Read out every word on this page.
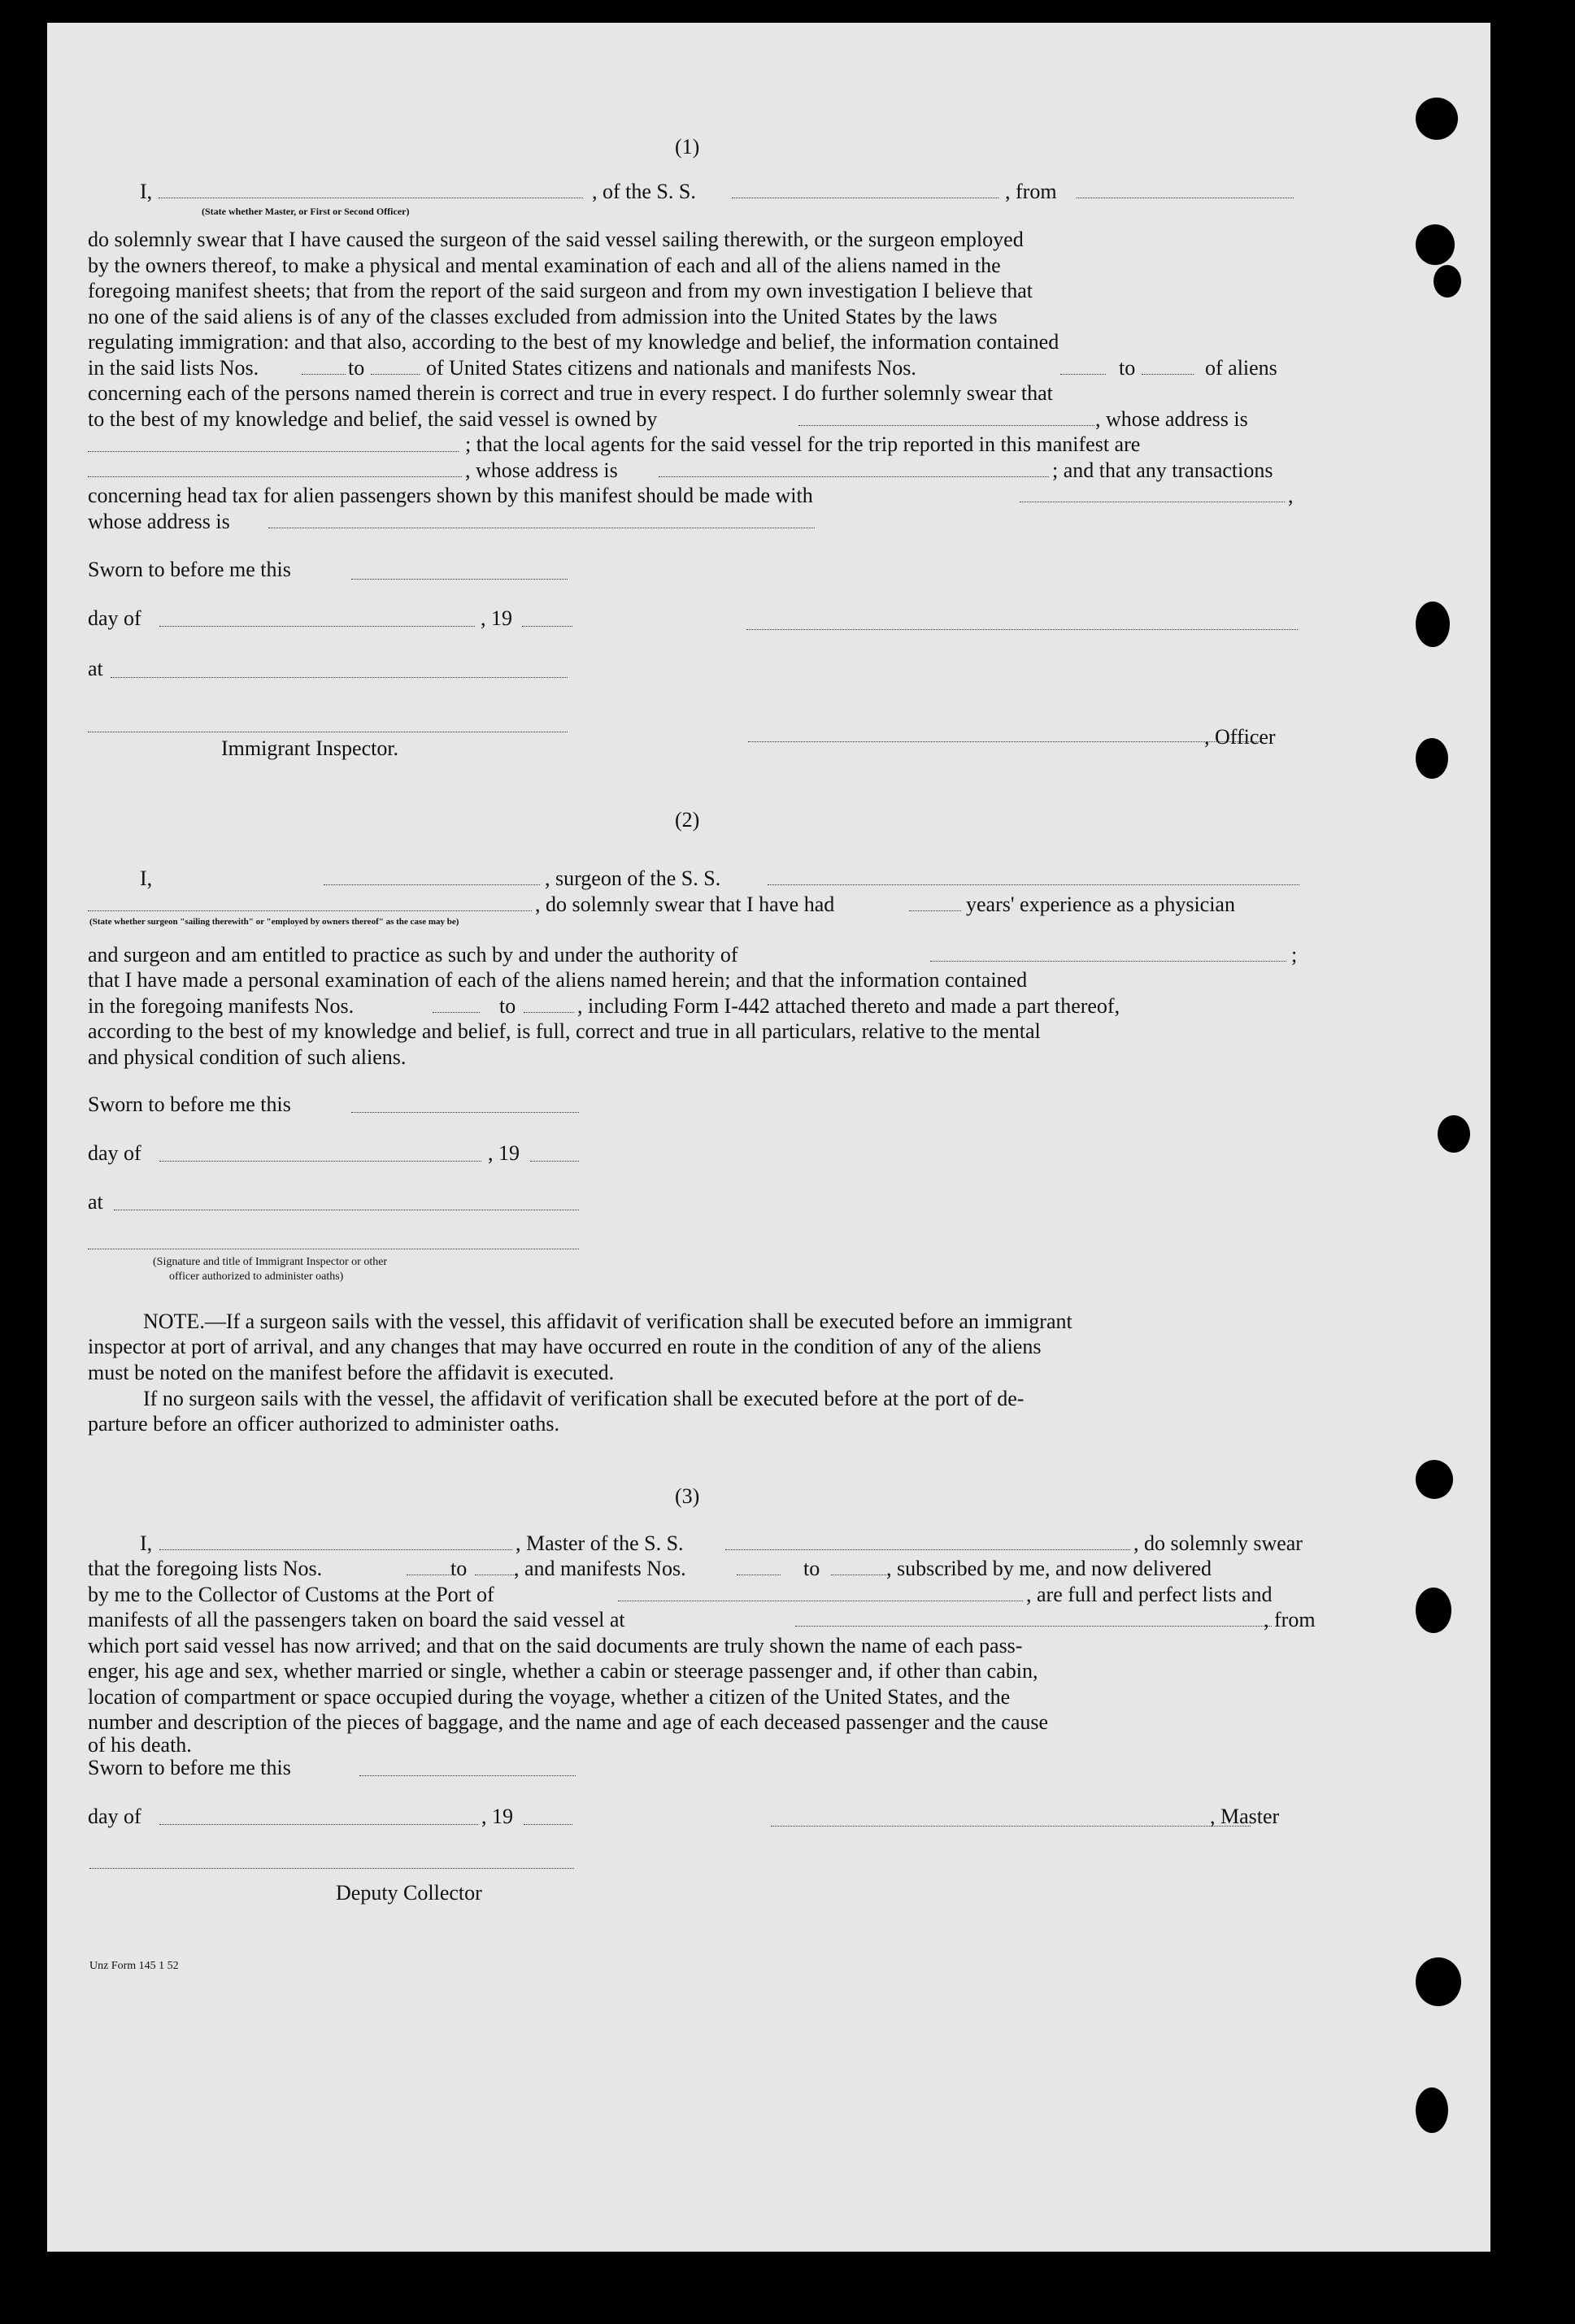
(1)
I,	, of the S. S.	, from
(State whether Master, or First or Second Officer)
do solemnly swear that I have caused the surgeon of the said vessel sailing therewith, or the surgeon employed
by the owners thereof, to make a physical and mental examination of each and all of the aliens named in the
foregoing manifest sheets; that from the report of the said surgeon and from my own investigation I believe that
no one of the said aliens is of any of the classes excluded from admission into the United States by the laws
regulating immigration: and that also, according to the best of my knowledge and belief, the information contained
in the said lists Nos.	to	of United States citizens and nationals and manifests Nos.	to	of aliens
concerning each of the persons named therein is correct and true in every respect. I do further solemnly swear that
to the best of my knowledge and belief, the said vessel is owned by	, whose address is
; that the local agents for the said vessel for the trip reported in this manifest are
, whose address is	; and that any transactions
concerning head tax for alien passengers shown by this manifest should be made with	,
whose address is
Sworn to before me this
day of	, 19
at
Immigrant Inspector.	, Officer
(2)
I,	, surgeon of the S. S.
, do solemnly swear that I have had	years' experience as a physician
(State whether surgeon "sailing therewith" or "employed by owners thereof" as the case may be)
and surgeon and am entitled to practice as such by and under the authority of	;
that I have made a personal examination of each of the aliens named herein; and that the information contained
in the foregoing manifests Nos.	to	, including Form I-442 attached thereto and made a part thereof,
according to the best of my knowledge and belief, is full, correct and true in all particulars, relative to the mental
and physical condition of such aliens.
Sworn to before me this
day of	, 19
at
(Signature and title of Immigrant Inspector or other
officer authorized to administer oaths)
NOTE.—If a surgeon sails with the vessel, this affidavit of verification shall be executed before an immigrant
inspector at port of arrival, and any changes that may have occurred en route in the condition of any of the aliens
must be noted on the manifest before the affidavit is executed.
If no surgeon sails with the vessel, the affidavit of verification shall be executed before at the port of de-
parture before an officer authorized to administer oaths.
(3)
I,	, Master of the S. S.	, do solemnly swear
that the foregoing lists Nos.	to , and manifests Nos.	to	, subscribed by me, and now delivered
by me to the Collector of Customs at the Port of	, are full and perfect lists and
manifests of all the passengers taken on board the said vessel at	, from
which port said vessel has now arrived; and that on the said documents are truly shown the name of each pass-
enger, his age and sex, whether married or single, whether a cabin or steerage passenger and, if other than cabin,
location of compartment or space occupied during the voyage, whether a citizen of the United States, and the
number and description of the pieces of baggage, and the name and age of each deceased passenger and the cause
of his death.
Sworn to before me this
day of	, 19	, Master
Deputy Collector
Unz Form 145 1 52
